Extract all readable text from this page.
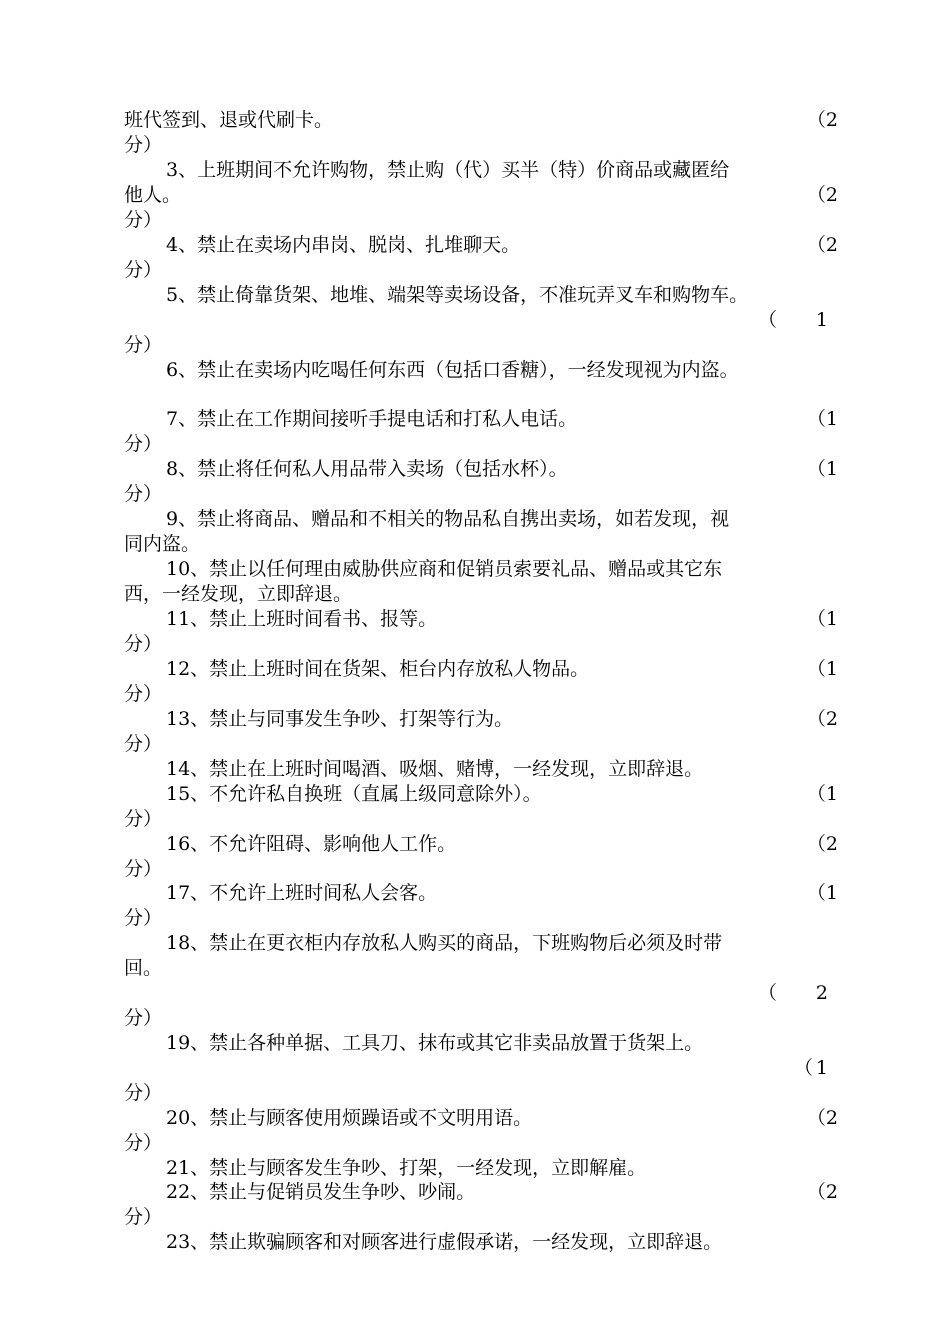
班代签到、退或代刷卡。	（2
分）
3、上班期间不允许购物，禁止购（代）买半（特）价商品或藏匿给
他人。	（2
分）
4、禁止在卖场内串岗、脱岗、扎堆聊天。	（2
分）
5、禁止倚靠货架、地堆、端架等卖场设备，不准玩弄叉车和购物车。
（ 1
分）
6、禁止在卖场内吃喝任何东西（包括口香糖），一经发现视为内盗。
7、禁止在工作期间接听手提电话和打私人电话。	（1
分）
8、禁止将任何私人用品带入卖场（包括水杯）。	（1
分）
9、禁止将商品、赠品和不相关的物品私自携出卖场，如若发现，视
同内盗。
10、禁止以任何理由威胁供应商和促销员索要礼品、赠品或其它东
西，一经发现，立即辞退。
11、禁止上班时间看书、报等。	（1
分）
12、禁止上班时间在货架、柜台内存放私人物品。	（1
分）
13、禁止与同事发生争吵、打架等行为。	（2
分）
14、禁止在上班时间喝酒、吸烟、赌博，一经发现，立即辞退。
15、不允许私自换班（直属上级同意除外）。	（1
分）
16、不允许阻碍、影响他人工作。	（2
分）
17、不允许上班时间私人会客。	（1
分）
18、禁止在更衣柜内存放私人购买的商品，下班购物后必须及时带
回。
（ 2
分）
19、禁止各种单据、工具刀、抹布或其它非卖品放置于货架上。
（ 1
分）
20、禁止与顾客使用烦躁语或不文明用语。	（2
分）
21、禁止与顾客发生争吵、打架，一经发现，立即解雇。
22、禁止与促销员发生争吵、吵闹。	（2
分）
23、禁止欺骗顾客和对顾客进行虚假承诺，一经发现，立即辞退。
